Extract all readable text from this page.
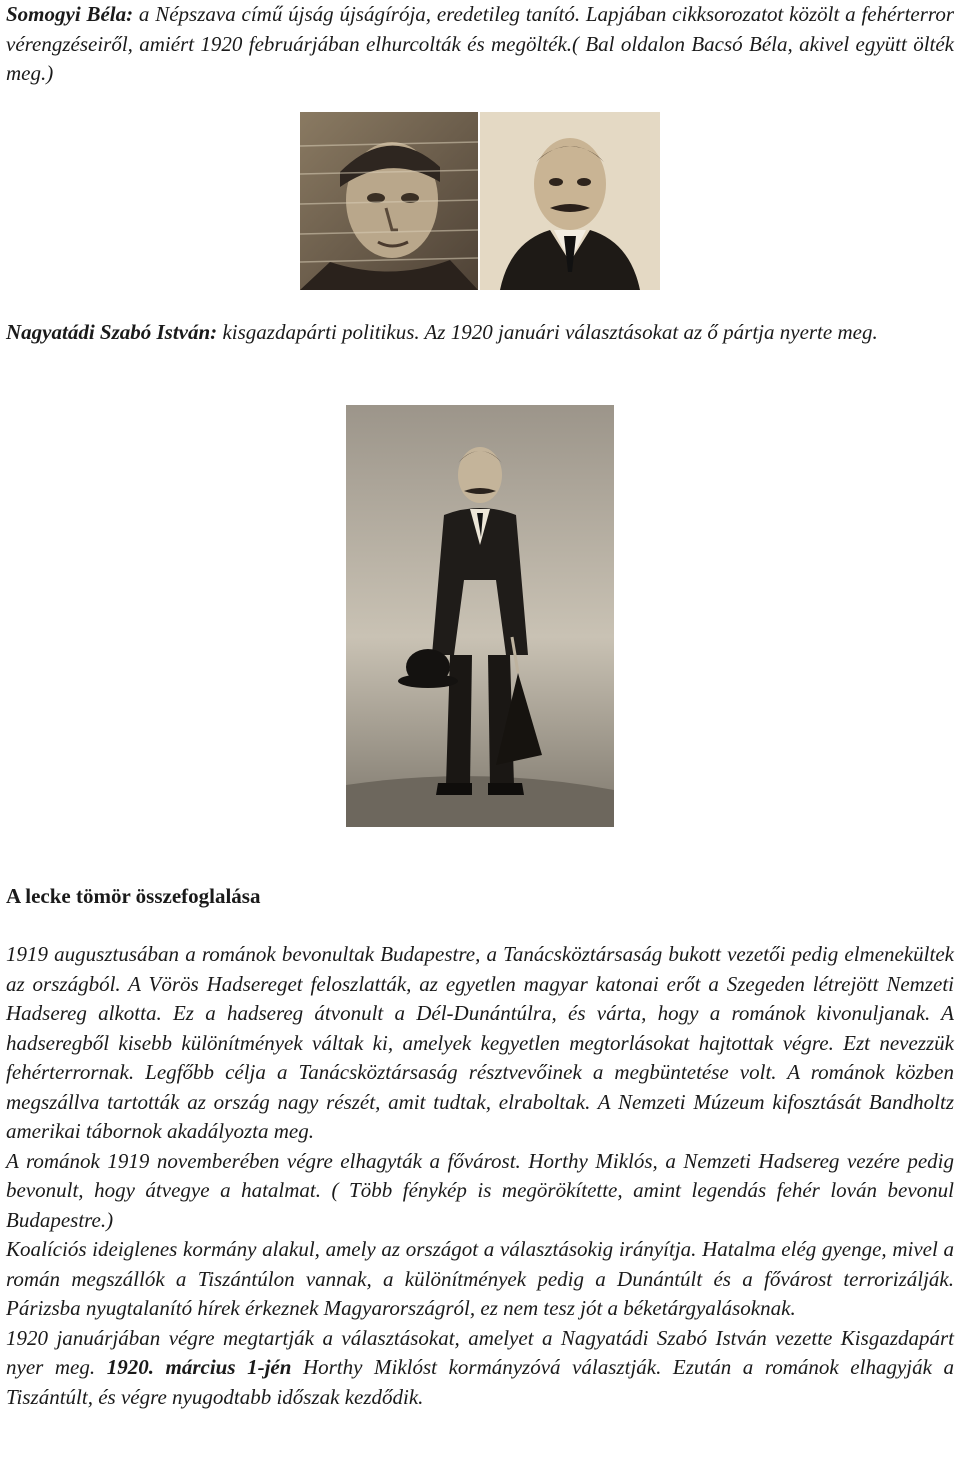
Somogyi Béla: a Népszava című újság újságírója, eredetileg tanító. Lapjában cikksorozatot közölt a fehérterror vérengzéseiről, amiért 1920 februárjában elhurcolták és megölték.( Bal oldalon Bacsó Béla, akivel együtt ölték meg.)
Nagyatádi Szabó István: kisgazdapárti politikus. Az 1920 januári választásokat az ő pártja nyerte meg.
A lecke tömör összefoglalása

1919 augusztusában a románok bevonultak Budapestre, a Tanácsköztársaság bukott vezetői pedig elmenekültek az országból. A Vörös Hadsereget feloszlatták, az egyetlen magyar katonai erőt a Szegeden létrejött Nemzeti Hadsereg alkotta. Ez a hadsereg átvonult a Dél-Dunántúlra, és várta, hogy a románok kivonuljanak. A hadseregből kisebb különítmények váltak ki, amelyek kegyetlen megtorlásokat hajtottak végre. Ezt nevezzük fehérterrornak. Legfőbb célja a Tanácsköztársaság résztvevőinek a megbüntetése volt. A románok közben megszállva tartották az ország nagy részét, amit tudtak, elraboltak. A Nemzeti Múzeum kifosztását Bandholtz amerikai tábornok akadályozta meg.

A románok 1919 novemberében végre elhagyták a fővárost. Horthy Miklós, a Nemzeti Hadsereg vezére pedig bevonult, hogy átvegye a hatalmat. ( Több fénykép is megörökítette, amint legendás fehér lován bevonul Budapestre.)

Koalíciós ideiglenes kormány alakul, amely az országot a választásokig irányítja. Hatalma elég gyenge, mivel a román megszállók a Tiszántúlon vannak, a különítmények pedig a Dunántúlt és a fővárost terrorizálják. Párizsba nyugtalanító hírek érkeznek Magyarországról, ez nem tesz jót a béketárgyalásoknak.

1920 januárjában végre megtartják a választásokat, amelyet a Nagyatádi Szabó István vezette Kisgazdapárt nyer meg. 1920. március 1-jén Horthy Miklóst kormányzóvá választják. Ezután a románok elhagyják a Tiszántúlt, és végre nyugodtabb időszak kezdődik.
